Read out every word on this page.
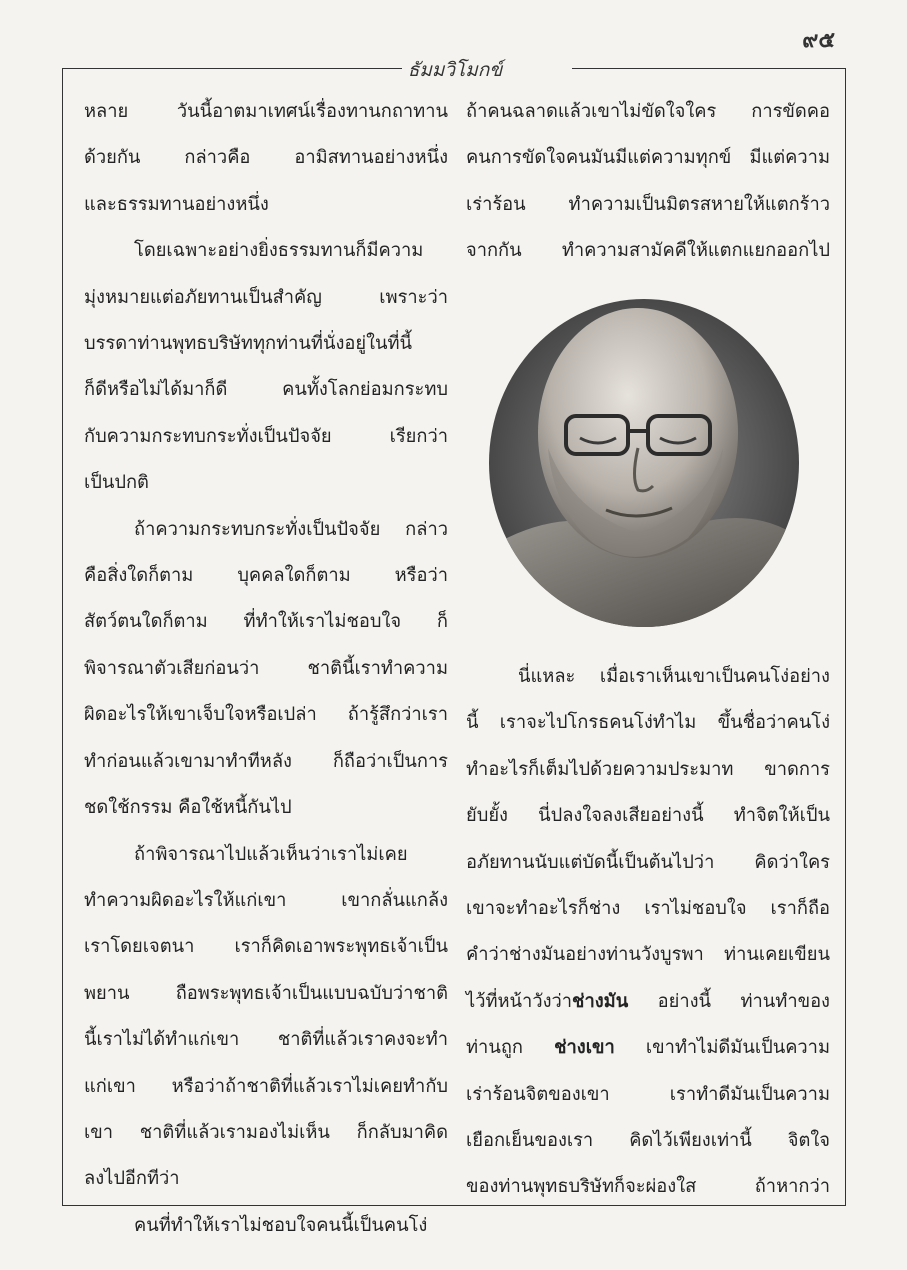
๙๕
ธัมมวิโมกข์

หลาย วันนี้อาตมาเทศน์เรื่องทานกถาทาน

ด้วยกัน กล่าวคือ อามิสทานอย่างหนึ่ง

และธรรมทานอย่างหนึ่ง

โดยเฉพาะอย่างยิ่งธรรมทานก็มีความ

มุ่งหมายแต่อภัยทานเป็นสำคัญ เพราะว่า

บรรดาท่านพุทธบริษัททุกท่านที่นั่งอยู่ในที่นี้

ก็ดีหรือไม่ได้มาก็ดี คนทั้งโลกย่อมกระทบ

กับความกระทบกระทั่งเป็นปัจจัย เรียกว่า

เป็นปกติ

ถ้าความกระทบกระทั่งเป็นปัจจัย กล่าว

คือสิ่งใดก็ตาม บุคคลใดก็ตาม หรือว่า

สัตว์ตนใดก็ตาม ที่ทำให้เราไม่ชอบใจ ก็

พิจารณาตัวเสียก่อนว่า ชาตินี้เราทำความ

ผิดอะไรให้เขาเจ็บใจหรือเปล่า ถ้ารู้สึกว่าเรา

ทำก่อนแล้วเขามาทำทีหลัง ก็ถือว่าเป็นการ

ชดใช้กรรม คือใช้หนี้กันไป

ถ้าพิจารณาไปแล้วเห็นว่าเราไม่เคย

ทำความผิดอะไรให้แก่เขา เขากลั่นแกล้ง

เราโดยเจตนา เราก็คิดเอาพระพุทธเจ้าเป็น

พยาน ถือพระพุทธเจ้าเป็นแบบฉบับว่าชาติ

นี้เราไม่ได้ทำแก่เขา ชาติที่แล้วเราคงจะทำ

แก่เขา หรือว่าถ้าชาติที่แล้วเราไม่เคยทำกับ

เขา ชาติที่แล้วเรามองไม่เห็น ก็กลับมาคิด

ลงไปอีกทีว่า

คนที่ทำให้เราไม่ชอบใจคนนี้เป็นคนโง่

ถ้าคนฉลาดแล้วเขาไม่ขัดใจใคร การขัดคอ

คนการขัดใจคนมันมีแต่ความทุกข์ มีแต่ความ

เร่าร้อน ทำความเป็นมิตรสหายให้แตกร้าว

จากกัน ทำความสามัคคีให้แตกแยกออกไป

นี่แหละ เมื่อเราเห็นเขาเป็นคนโง่อย่าง

นี้ เราจะไปโกรธคนโง่ทำไม ขึ้นชื่อว่าคนโง่

ทำอะไรก็เต็มไปด้วยความประมาท ขาดการ

ยับยั้ง นี่ปลงใจลงเสียอย่างนี้ ทำจิตให้เป็น

อภัยทานนับแต่บัดนี้เป็นต้นไปว่า คิดว่าใคร

เขาจะทำอะไรก็ช่าง เราไม่ชอบใจ เราก็ถือ

คำว่าช่างมันอย่างท่านวังบูรพา ท่านเคยเขียน

ไว้ที่หน้าวังว่าช่างมัน อย่างนี้ ท่านทำของ

ท่านถูก ช่างเขา เขาทำไม่ดีมันเป็นความ

เร่าร้อนจิตของเขา เราทำดีมันเป็นความ

เยือกเย็นของเรา คิดไว้เพียงเท่านี้ จิตใจ

ของท่านพุทธบริษัทก็จะผ่องใส ถ้าหากว่า
